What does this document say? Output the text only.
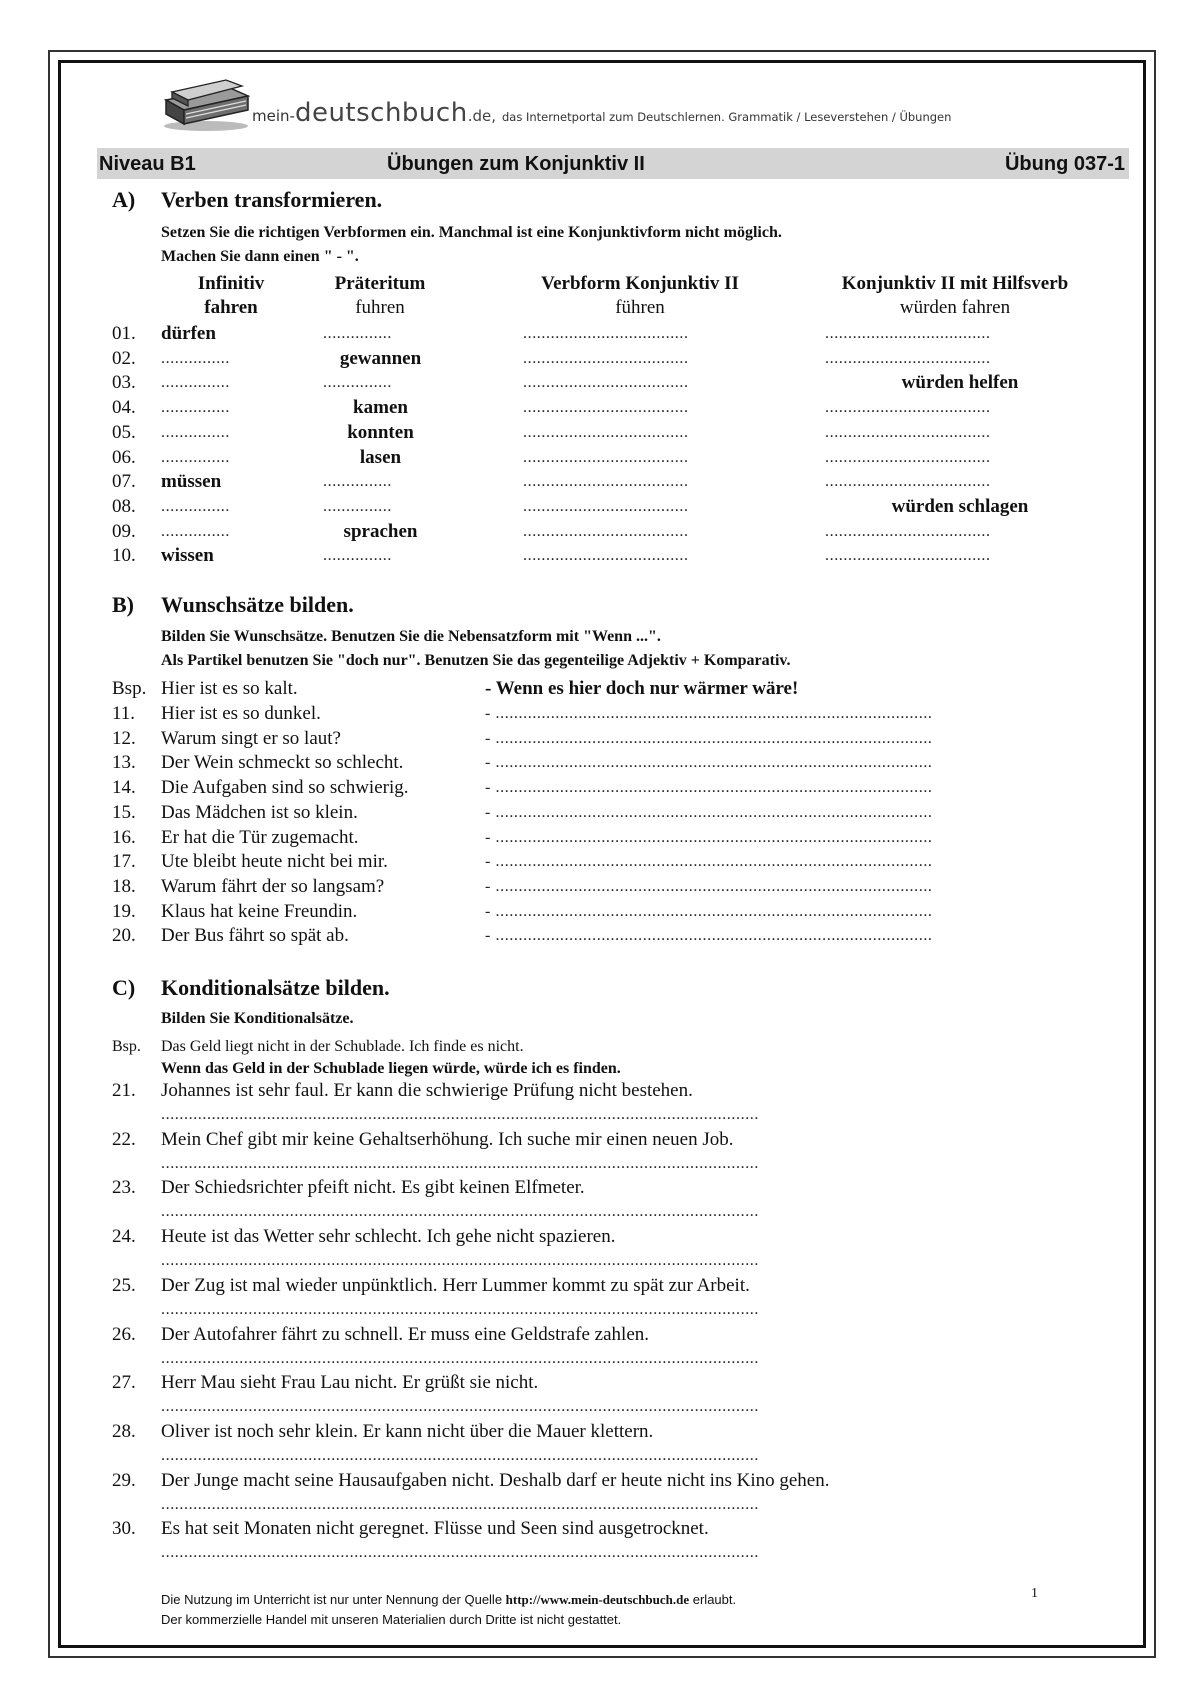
mein-deutschbuch.de, das Internetportal zum Deutschlernen. Grammatik / Leseverstehen / Übungen
Niveau B1	Übungen zum Konjunktiv II	Übung 037-1
A) Verben transformieren.
Setzen Sie die richtigen Verbformen ein. Manchmal ist eine Konjunktivform nicht möglich.
Machen Sie dann einen " - ".
Infinitiv	Präteritum	Verbform Konjunktiv II	Konjunktiv II mit Hilfsverb
fahren	fuhren	führen	würden fahren
01. dürfen	...............	....................................	....................................
02. ...............	gewannen	....................................	....................................
03. ...............	...............	....................................	würden helfen
04. ...............	kamen	....................................	....................................
05. ...............	konnten	....................................	....................................
06. ...............	lasen	....................................	....................................
07. müssen	...............	....................................	....................................
08. ...............	...............	....................................	würden schlagen
09. ...............	sprachen	....................................	....................................
10. wissen	...............	....................................	....................................
B) Wunschsätze bilden.
Bilden Sie Wunschsätze. Benutzen Sie die Nebensatzform mit "Wenn ...".
Als Partikel benutzen Sie "doch nur". Benutzen Sie das gegenteilige Adjektiv + Komparativ.
Bsp. Hier ist es so kalt.	- Wenn es hier doch nur wärmer wäre!
11. Hier ist es so dunkel.	- ...............................................................................................
12. Warum singt er so laut?	- ...............................................................................................
13. Der Wein schmeckt so schlecht.	- ...............................................................................................
14. Die Aufgaben sind so schwierig.	- ...............................................................................................
15. Das Mädchen ist so klein.	- ...............................................................................................
16. Er hat die Tür zugemacht.	- ...............................................................................................
17. Ute bleibt heute nicht bei mir.	- ...............................................................................................
18. Warum fährt der so langsam?	- ...............................................................................................
19. Klaus hat keine Freundin.	- ...............................................................................................
20. Der Bus fährt so spät ab.	- ...............................................................................................
C) Konditionalsätze bilden.
Bilden Sie Konditionalsätze.
Bsp. Das Geld liegt nicht in der Schublade. Ich finde es nicht.
Wenn das Geld in der Schublade liegen würde, würde ich es finden.
21. Johannes ist sehr faul. Er kann die schwierige Prüfung nicht bestehen.
..................................................................................................................................
22. Mein Chef gibt mir keine Gehaltserhöhung. Ich suche mir einen neuen Job.
..................................................................................................................................
23. Der Schiedsrichter pfeift nicht. Es gibt keinen Elfmeter.
..................................................................................................................................
24. Heute ist das Wetter sehr schlecht. Ich gehe nicht spazieren.
..................................................................................................................................
25. Der Zug ist mal wieder unpünktlich. Herr Lummer kommt zu spät zur Arbeit.
..................................................................................................................................
26. Der Autofahrer fährt zu schnell. Er muss eine Geldstrafe zahlen.
..................................................................................................................................
27. Herr Mau sieht Frau Lau nicht. Er grüßt sie nicht.
..................................................................................................................................
28. Oliver ist noch sehr klein. Er kann nicht über die Mauer klettern.
..................................................................................................................................
29. Der Junge macht seine Hausaufgaben nicht. Deshalb darf er heute nicht ins Kino gehen.
..................................................................................................................................
30. Es hat seit Monaten nicht geregnet. Flüsse und Seen sind ausgetrocknet.
..................................................................................................................................
Die Nutzung im Unterricht ist nur unter Nennung der Quelle http://www.mein-deutschbuch.de erlaubt.
Der kommerzielle Handel mit unseren Materialien durch Dritte ist nicht gestattet.
1
